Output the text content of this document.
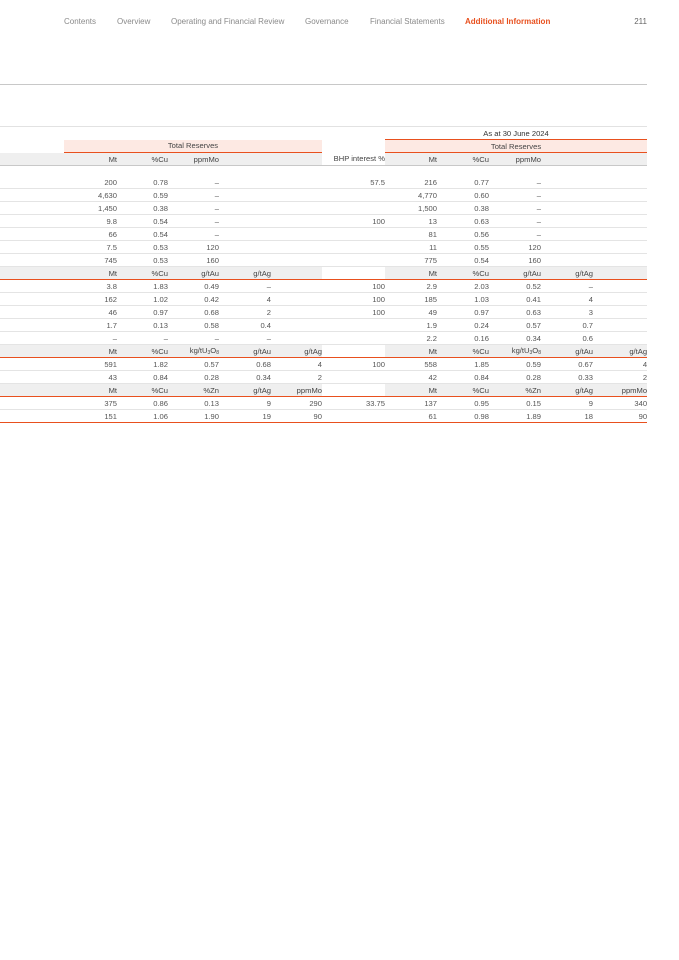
Contents	Overview	Operating and Financial Review	Governance	Financial Statements	Additional Information	211
							As at 30 June 2024				
	Total Reserves						Total Reserves				
	Mt	%Cu	ppmMo			BHP interest %	Mt	%Cu	ppmMo		

	200	0.78	–			57.5	216	0.77	–		
	4,630	0.59	–				4,770	0.60	–		
	1,450	0.38	–				1,500	0.38	–		
	9.8	0.54	–			100	13	0.63	–		
	66	0.54	–				81	0.56	–		
	7.5	0.53	120				11	0.55	120		
	745	0.53	160				775	0.54	160		
	Mt	%Cu	g/tAu	g/tAg			Mt	%Cu	g/tAu	g/tAg	
	3.8	1.83	0.49	–		100	2.9	2.03	0.52	–	
	162	1.02	0.42	4		100	185	1.03	0.41	4	
	46	0.97	0.68	2		100	49	0.97	0.63	3	
	1.7	0.13	0.58	0.4			1.9	0.24	0.57	0.7	
	–	–	–	–			2.2	0.16	0.34	0.6	
	Mt	%Cu	$kg/tU_3O_8$	g/tAu	g/tAg		Mt	%Cu	$kg/tU_3O_8$	g/tAu	g/tAg
	591	1.82	0.57	0.68	4	100	558	1.85	0.59	0.67	4
	43	0.84	0.28	0.34	2		42	0.84	0.28	0.33	2
	Mt	%Cu	%Zn	g/tAg	ppmMo		Mt	%Cu	%Zn	g/tAg	ppmMo
	375	0.86	0.13	9	290	33.75	137	0.95	0.15	9	340
	151	1.06	1.90	19	90		61	0.98	1.89	18	90
